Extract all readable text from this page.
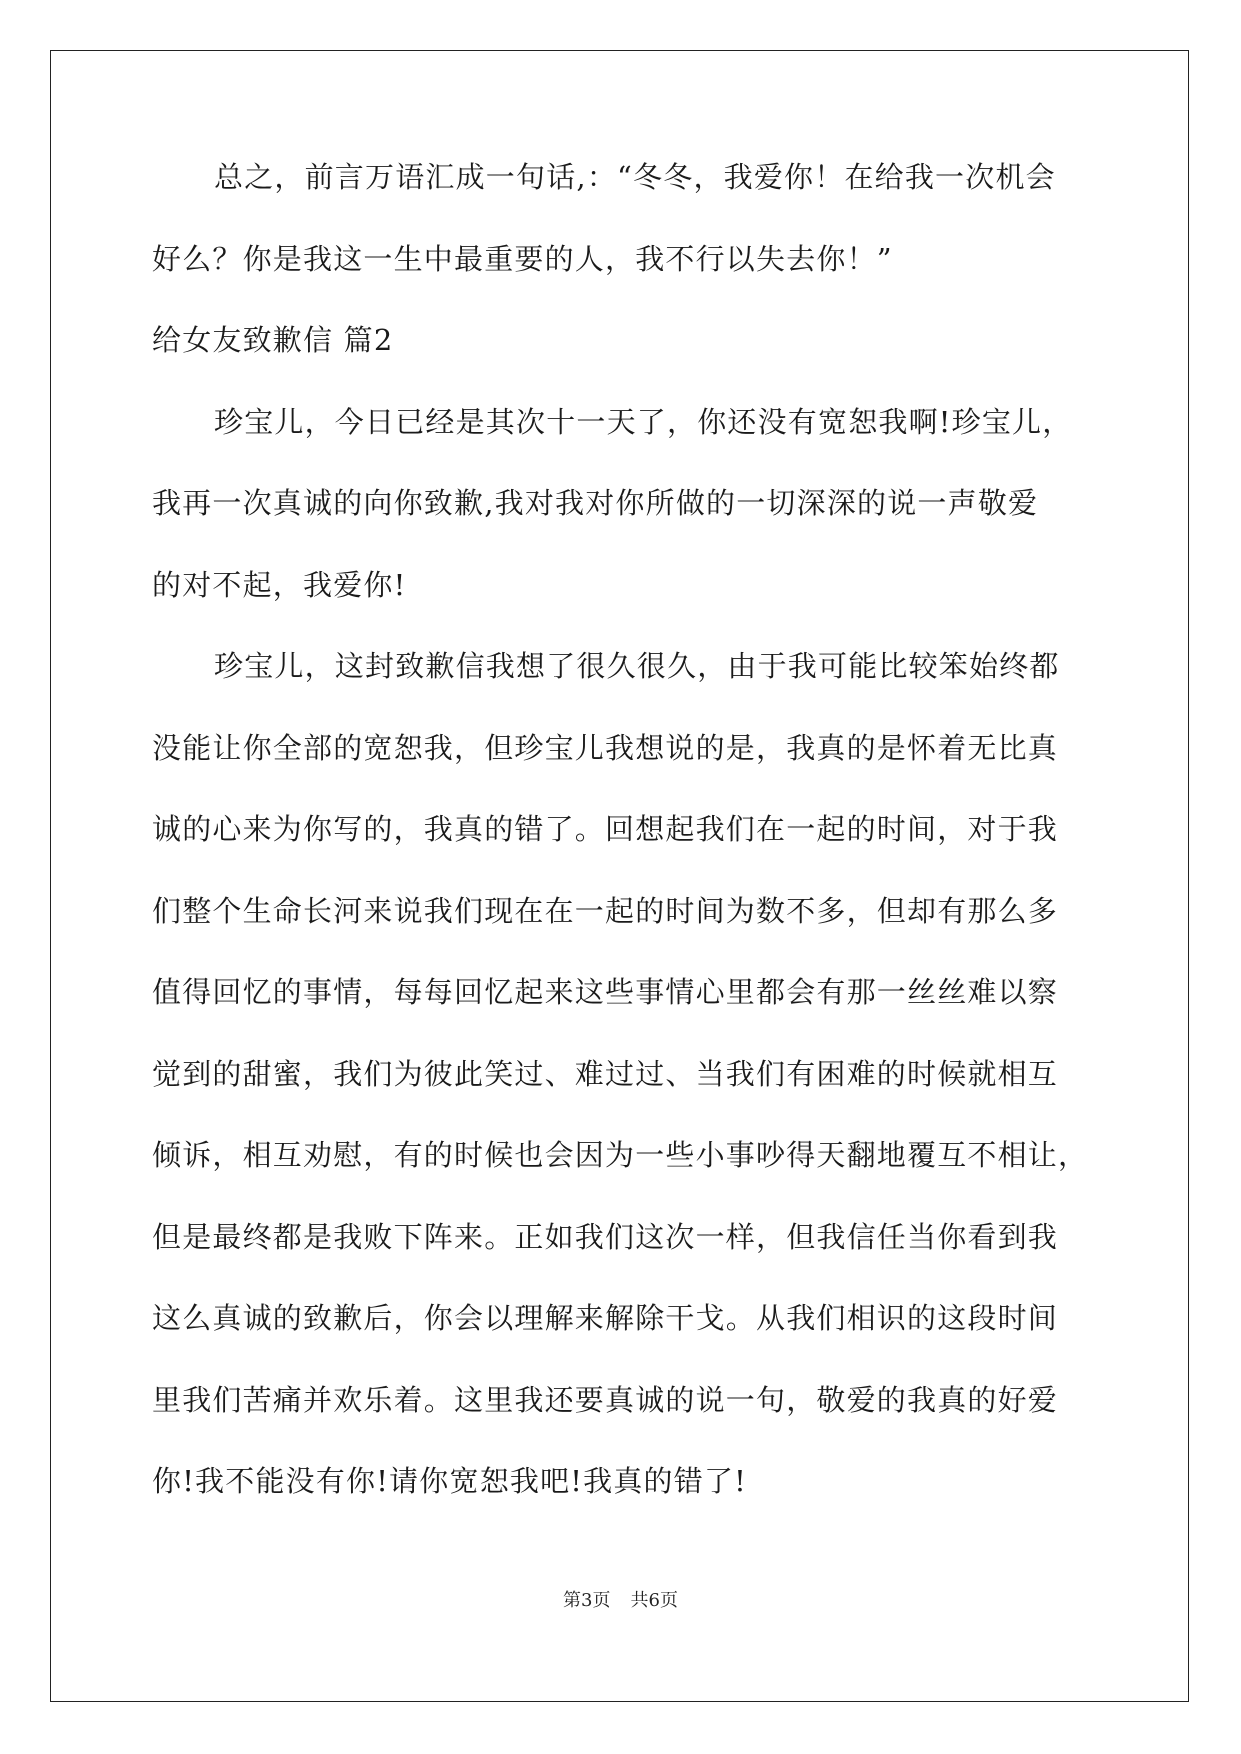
总之，前言万语汇成一句话,：“冬冬，我爱你！在给我一次机会
好么？你是我这一生中最重要的人，我不行以失去你！”
给女友致歉信 篇2
珍宝儿，今日已经是其次十一天了，你还没有宽恕我啊!珍宝儿，
我再一次真诚的向你致歉,我对我对你所做的一切深深的说一声敬爱
的对不起，我爱你!
珍宝儿，这封致歉信我想了很久很久，由于我可能比较笨始终都
没能让你全部的宽恕我，但珍宝儿我想说的是，我真的是怀着无比真
诚的心来为你写的，我真的错了。回想起我们在一起的时间，对于我
们整个生命长河来说我们现在在一起的时间为数不多，但却有那么多
值得回忆的事情，每每回忆起来这些事情心里都会有那一丝丝难以察
觉到的甜蜜，我们为彼此笑过、难过过、当我们有困难的时候就相互
倾诉，相互劝慰，有的时候也会因为一些小事吵得天翻地覆互不相让，
但是最终都是我败下阵来。正如我们这次一样，但我信任当你看到我
这么真诚的致歉后，你会以理解来解除干戈。从我们相识的这段时间
里我们苦痛并欢乐着。这里我还要真诚的说一句，敬爱的我真的好爱
你!我不能没有你!请你宽恕我吧!我真的错了!
第3页 共6页
